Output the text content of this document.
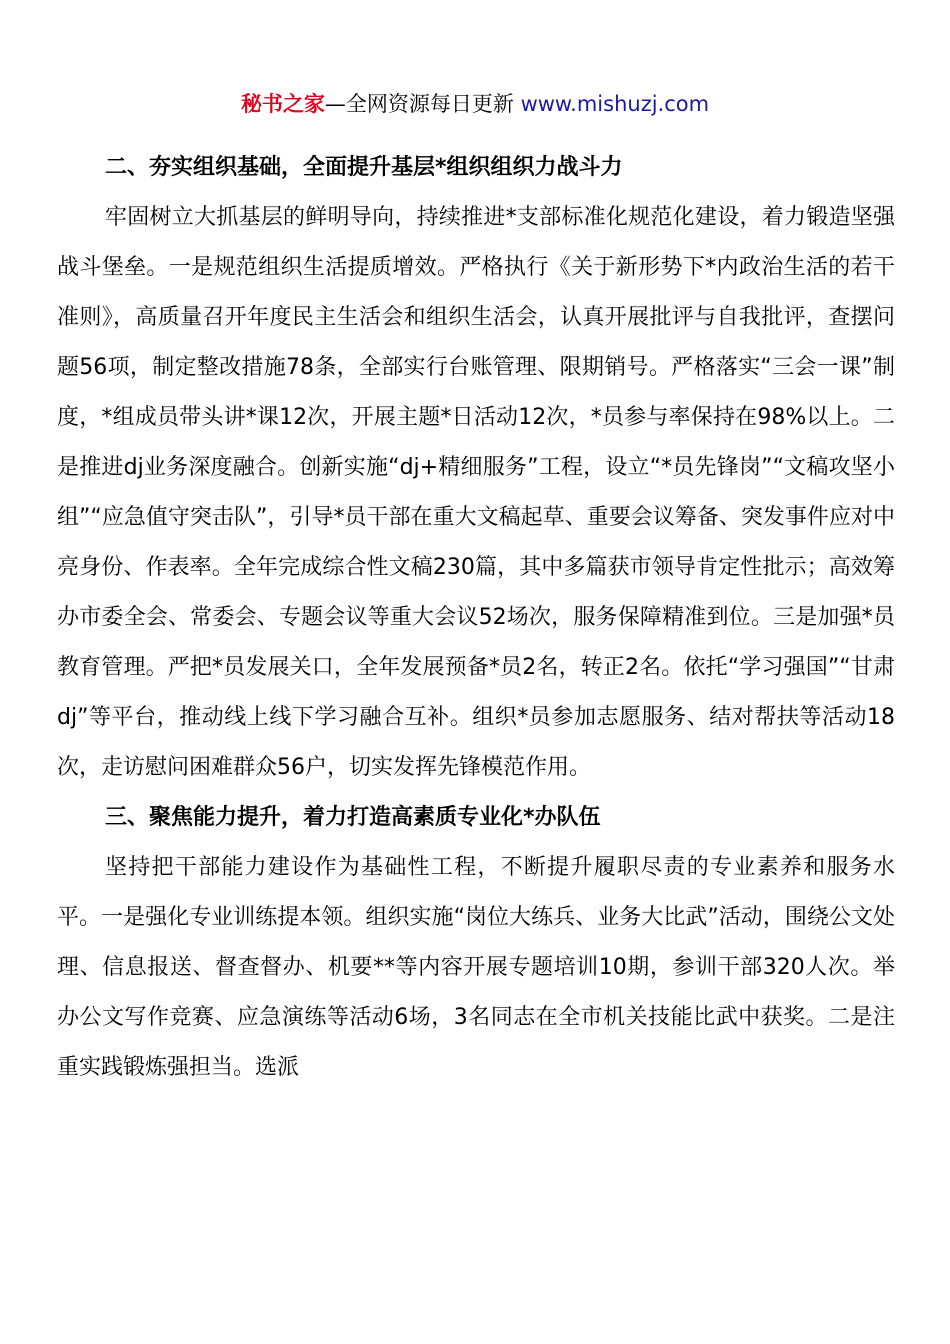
秘书之家—全网资源每日更新 www.mishuzj.com
二、夯实组织基础，全面提升基层*组织组织力战斗力

牢固树立大抓基层的鲜明导向，持续推进*支部标准化规范化建设，着力锻造坚强战斗堡垒。一是规范组织生活提质增效。严格执行《关于新形势下*内政治生活的若干准则》，高质量召开年度民主生活会和组织生活会，认真开展批评与自我批评，查摆问题56项，制定整改措施78条，全部实行台账管理、限期销号。严格落实“三会一课”制度，*组成员带头讲*课12次，开展主题*日活动12次，*员参与率保持在98%以上。二是推进dj业务深度融合。创新实施“dj+精细服务”工程，设立“*员先锋岗”“文稿攻坚小组”“应急值守突击队”，引导*员干部在重大文稿起草、重要会议筹备、突发事件应对中亮身份、作表率。全年完成综合性文稿230篇，其中多篇获市领导肯定性批示；高效筹办市委全会、常委会、专题会议等重大会议52场次，服务保障精准到位。三是加强*员教育管理。严把*员发展关口，全年发展预备*员2名，转正2名。依托“学习强国”“甘肃dj”等平台，推动线上线下学习融合互补。组织*员参加志愿服务、结对帮扶等活动18次，走访慰问困难群众56户，切实发挥先锋模范作用。

三、聚焦能力提升，着力打造高素质专业化*办队伍

坚持把干部能力建设作为基础性工程，不断提升履职尽责的专业素养和服务水平。一是强化专业训练提本领。组织实施“岗位大练兵、业务大比武”活动，围绕公文处理、信息报送、督查督办、机要**等内容开展专题培训10期，参训干部320人次。举办公文写作竞赛、应急演练等活动6场，3名同志在全市机关技能比武中获奖。二是注重实践锻炼强担当。选派
